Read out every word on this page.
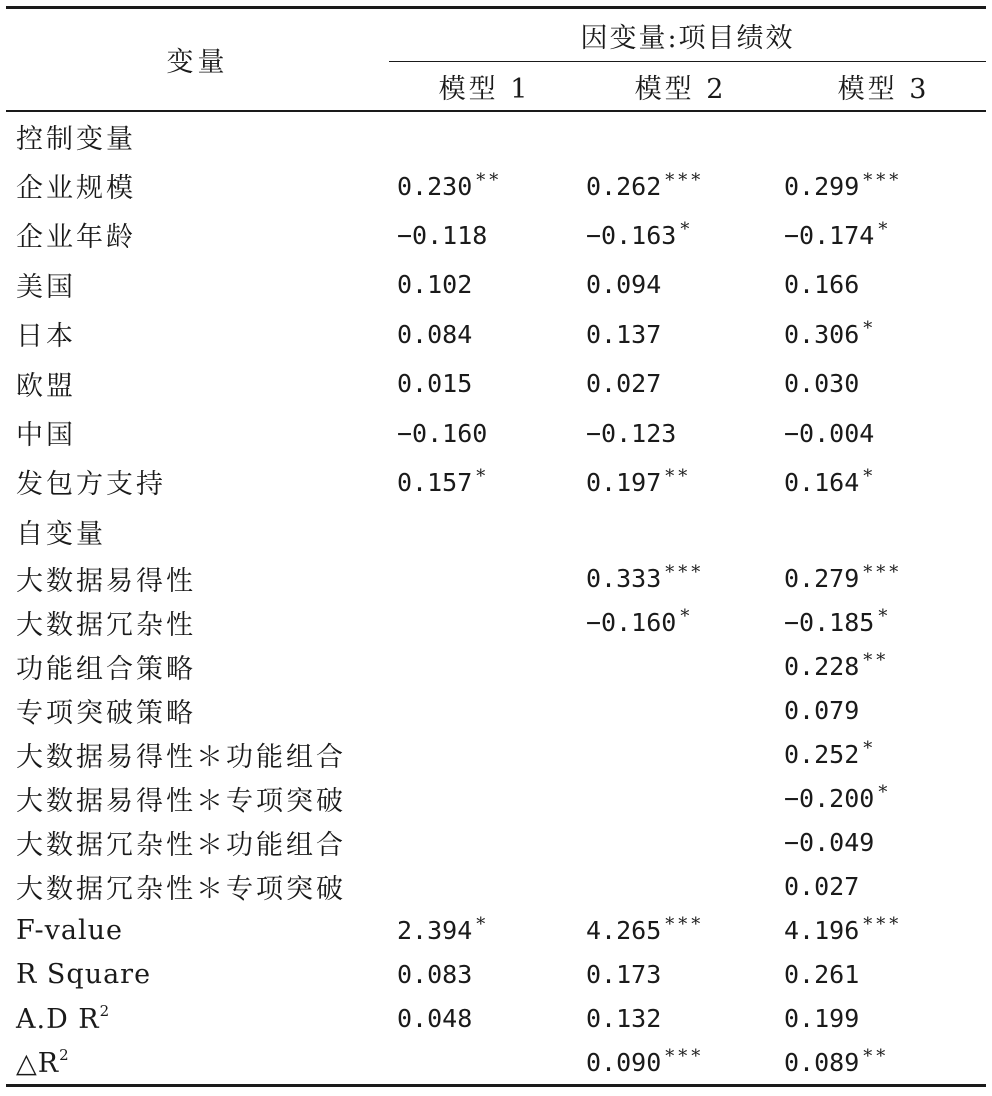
变量	因变量:项目绩效		
	模型 1	模型 2	模型 3
控制变量			
企业规模	0.230 **	0.262 ***	0.299 ***
企业年龄	−0.118	−0.163 *	−0.174 *
美国	0.102	0.094	0.166
日本	0.084	0.137	0.306 *
欧盟	0.015	0.027	0.030
中国	−0.160	−0.123	−0.004
发包方支持	0.157 *	0.197 **	0.164 *
自变量			
大数据易得性		0.333 ***	0.279 ***
大数据冗杂性		−0.160 *	−0.185 *
功能组合策略			0.228 **
专项突破策略			0.079
大数据易得性＊功能组合			0.252 *
大数据易得性＊专项突破			−0.200 *
大数据冗杂性＊功能组合			−0.049
大数据冗杂性＊专项突破			0.027
F-value	2.394 *	4.265 ***	4.196 ***
R Square	0.083	0.173	0.261
A.D $R^2$	0.048	0.132	0.199
$\triangle R^2$		0.090 ***	0.089 **
